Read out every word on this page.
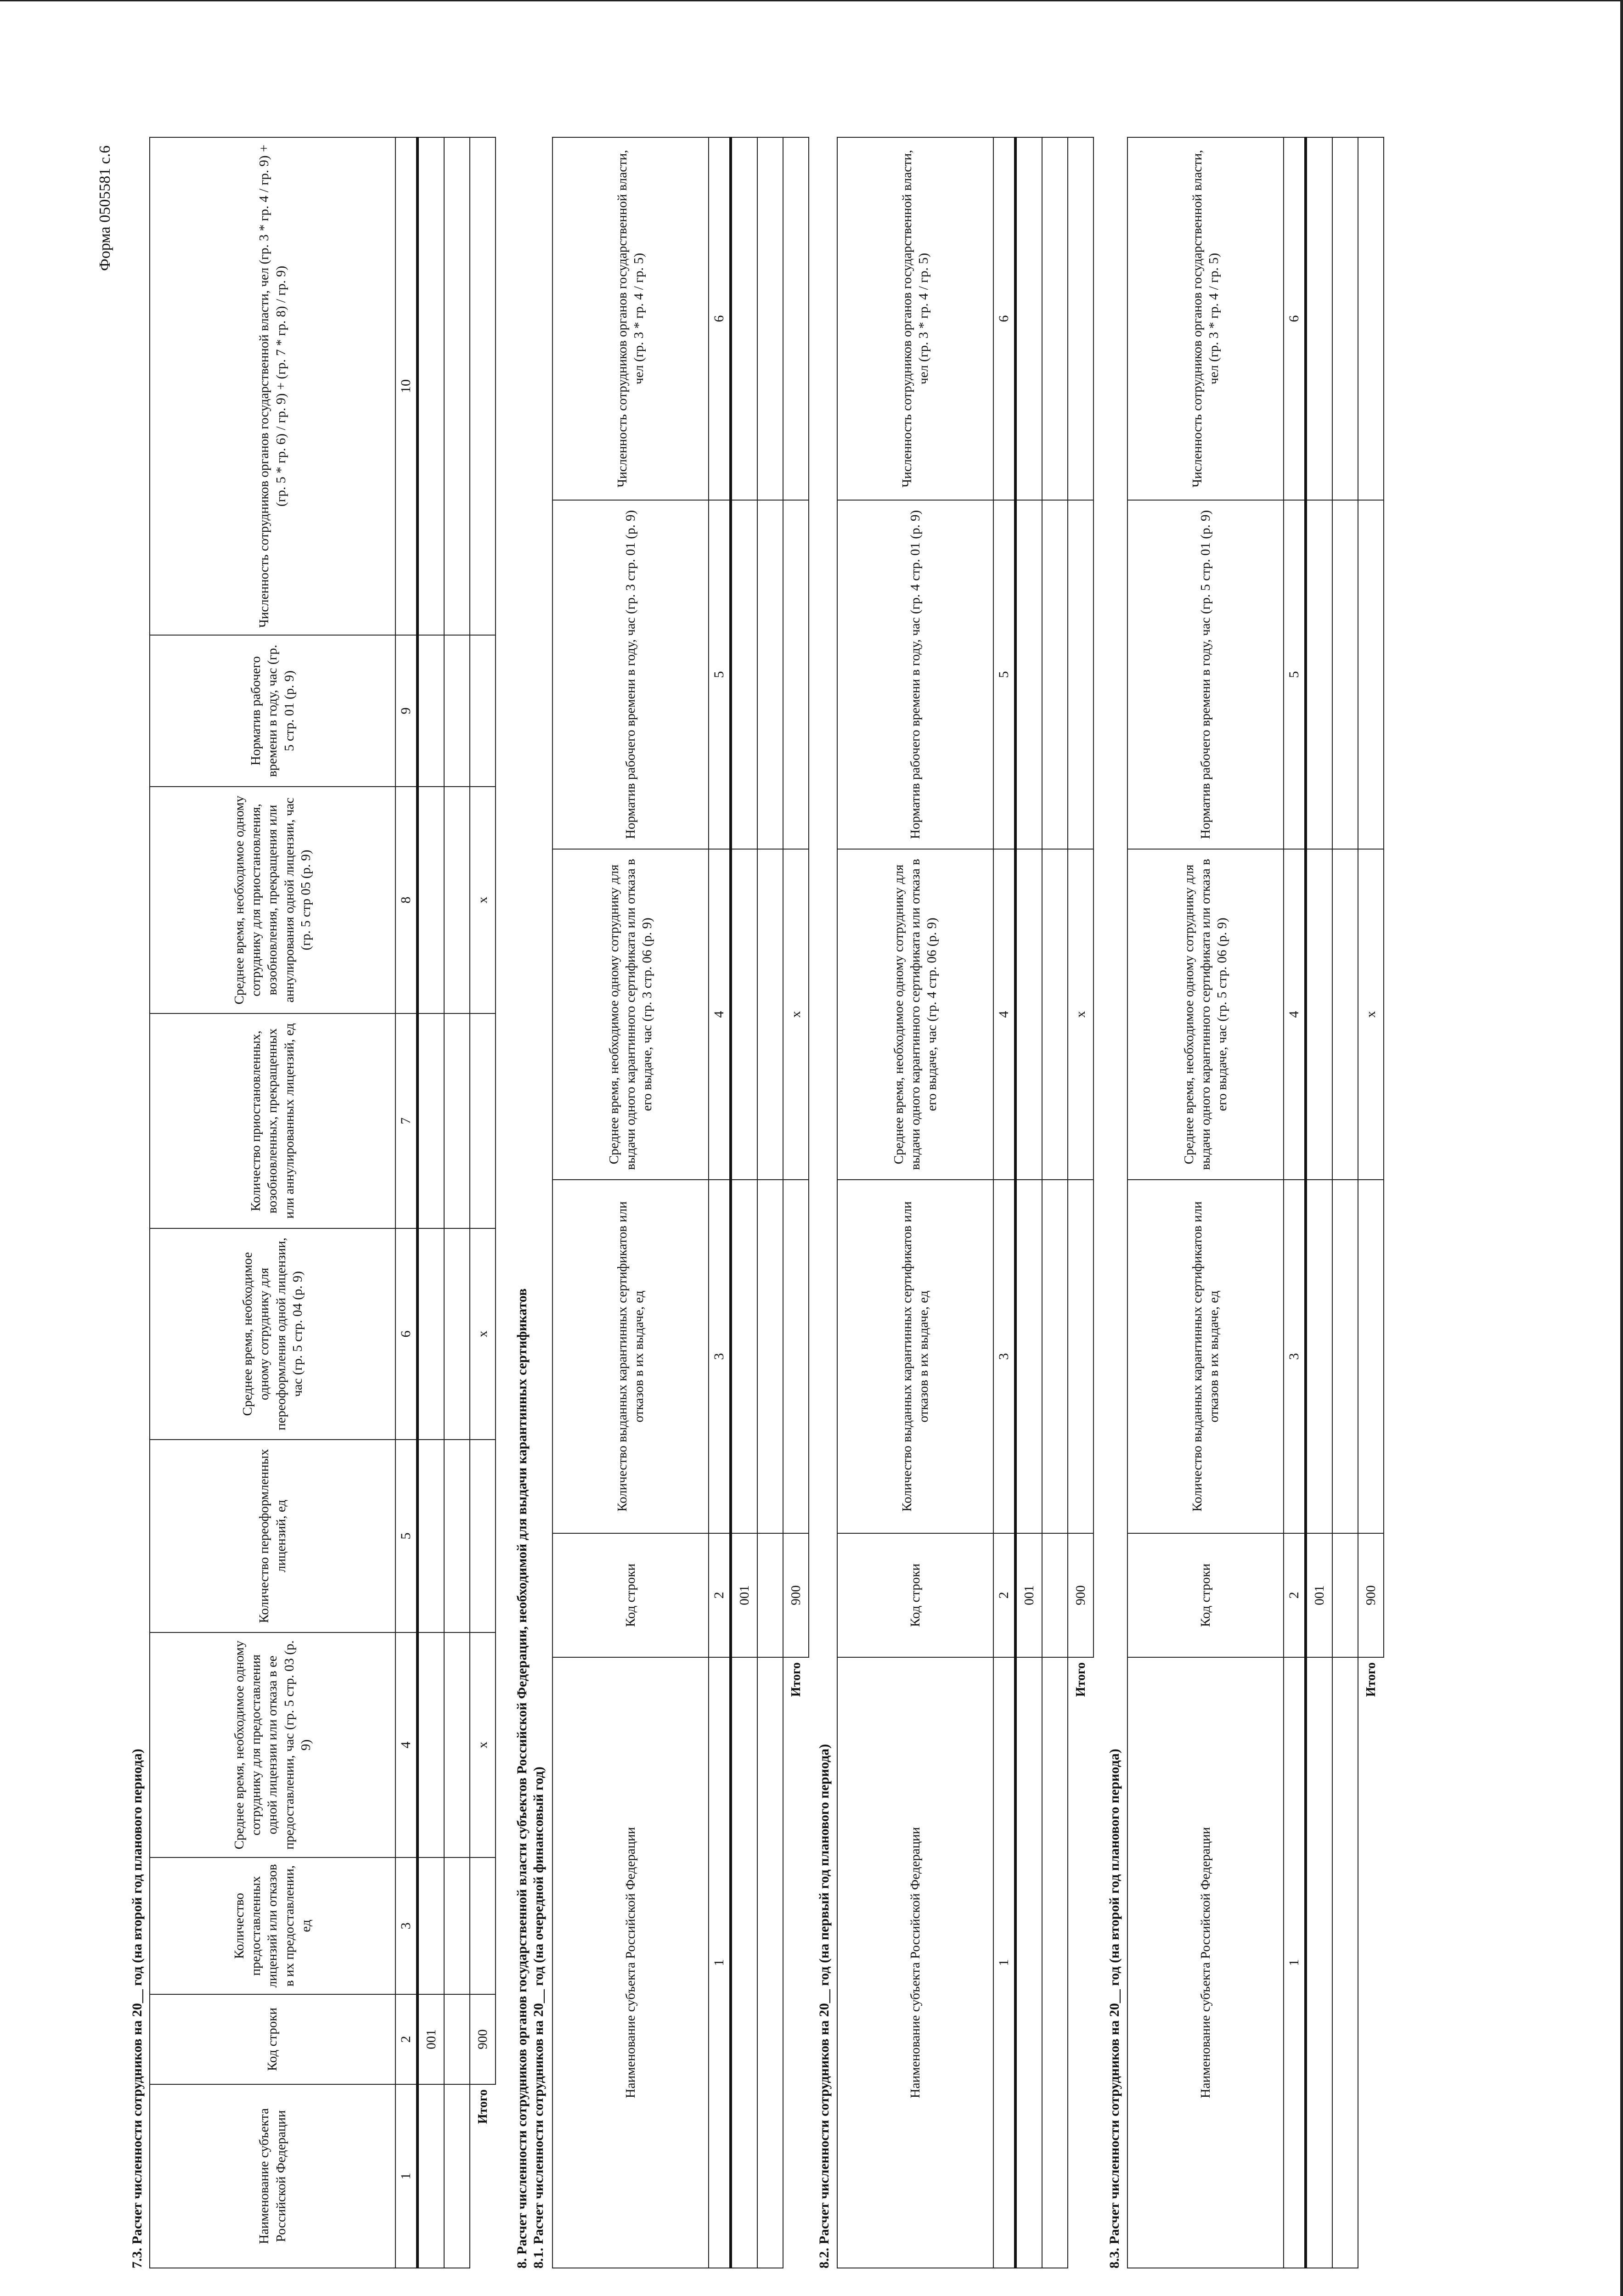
Форма 0505581 с.6
7.3. Расчет численности сотрудников на 20__ год (на второй год планового периода)	Наименование субъекта Российской Федерации	Код строки	Количество предоставленных лицензий или отказов в их предоставлении, ед	Среднее время, необходимое одному сотруднику для предоставления одной лицензии или отказа в ее предоставлении, час (гр. 5 стр. 03 (р. 9)	Количество переоформленных лицензий, ед	Среднее время, необходимое одному сотруднику для переоформления одной лицензии, час (гр. 5 стр. 04 (р. 9)	Количество приостановленных, возобновленных, прекращенных или аннулированных лицензий, ед	Среднее время, необходимое одному сотруднику для приостановления, возобновления, прекращения или аннулирования одной лицензии, час (гр. 5 стр 05 (р. 9)	Норматив рабочего времени в году, час (гр. 5 стр. 01 (р. 9)	Численность сотрудников органов государственной власти, чел (гр. 3 * гр. 4 / гр. 9) + (гр. 5 * гр. 6) / гр. 9) + (гр. 7 * гр. 8) / гр. 9)
1	2	3	4	5	6	7	8	9	10
	001								

Итого	900		x		x		x		
8. Расчет численности сотрудников органов государственной власти субъектов Российской Федерации, необходимой для выдачи карантинных сертификатов 8.1. Расчет численности сотрудников на 20__ год (на очередной финансовый год)	Наименование субъекта Российской Федерации	Код строки	Количество выданных карантинных сертификатов или отказов в их выдаче, ед	Среднее время, необходимое одному сотруднику для выдачи одного карантинного сертификата или отказа в его выдаче, час (гр. 3 стр. 06 (р. 9)	Норматив рабочего времени в году, час (гр. 3 стр. 01 (р. 9)	Численность сотрудников органов государственной власти, чел (гр. 3 * гр. 4 / гр. 5)
1	2	3	4	5	6
	001				

Итого	900		x		
8.2. Расчет численности сотрудников на 20__ год (на первый год планового периода)	Наименование субъекта Российской Федерации	Код строки	Количество выданных карантинных сертификатов или отказов в их выдаче, ед	Среднее время, необходимое одному сотруднику для выдачи одного карантинного сертификата или отказа в его выдаче, час (гр. 4 стр. 06 (р. 9)	Норматив рабочего времени в году, час (гр. 4 стр. 01 (р. 9)	Численность сотрудников органов государственной власти, чел (гр. 3 * гр. 4 / гр. 5)
1	2	3	4	5	6
	001				

Итого	900		x		
8.3. Расчет численности сотрудников на 20__ год (на второй год планового периода)	Наименование субъекта Российской Федерации	Код строки	Количество выданных карантинных сертификатов или отказов в их выдаче, ед	Среднее время, необходимое одному сотруднику для выдачи одного карантинного сертификата или отказа в его выдаче, час (гр. 5 стр. 06 (р. 9)	Норматив рабочего времени в году, час (гр. 5 стр. 01 (р. 9)	Численность сотрудников органов государственной власти, чел (гр. 3 * гр. 4 / гр. 5)
1	2	3	4	5	6
	001				

Итого	900		x		
